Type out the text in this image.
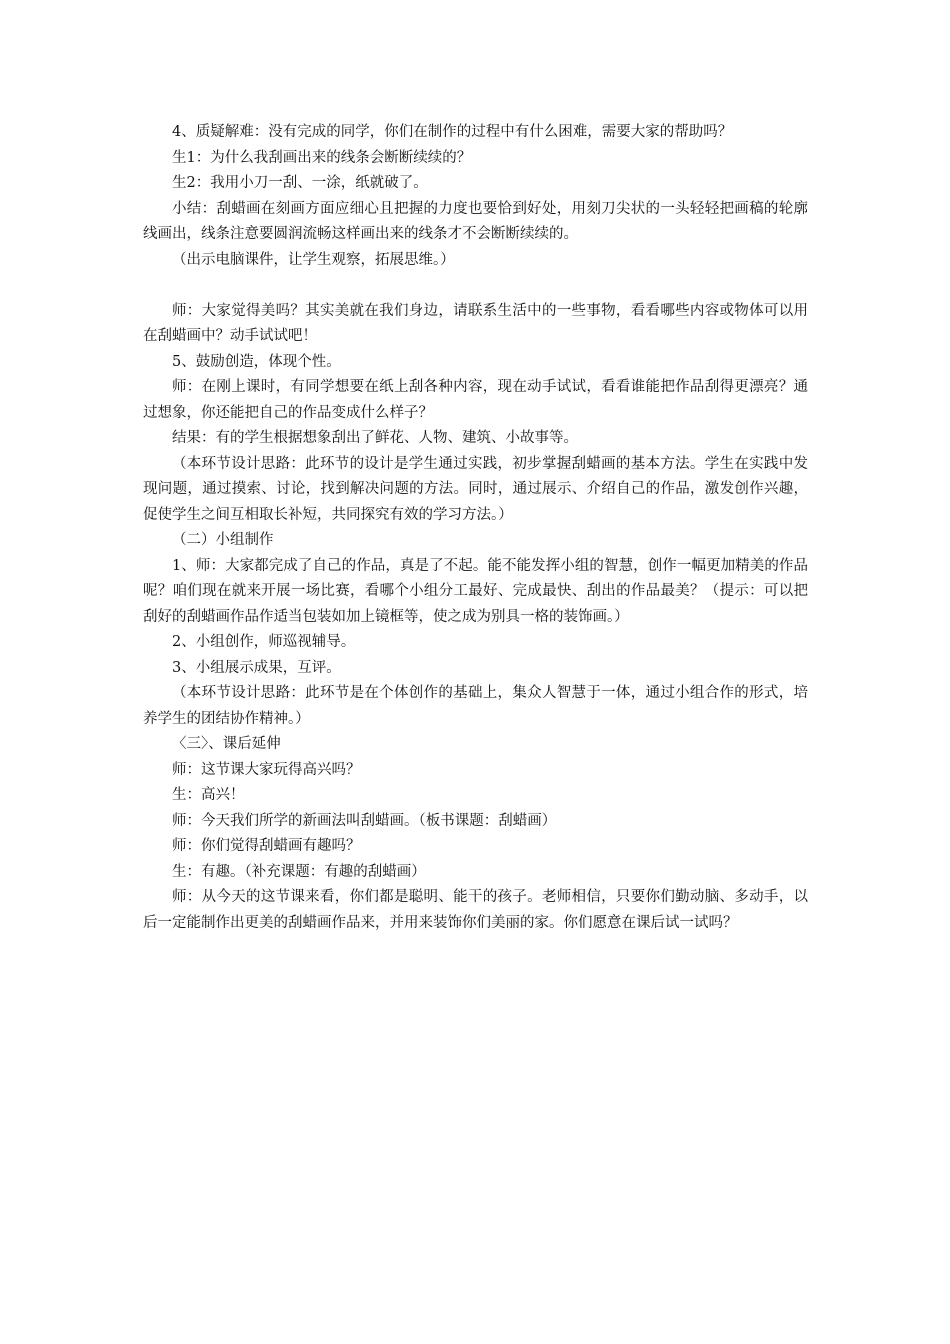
4、质疑解难：没有完成的同学，你们在制作的过程中有什么困难，需要大家的帮助吗？

生1：为什么我刮画出来的线条会断断续续的？

生2：我用小刀一刮、一涂，纸就破了。

小结：刮蜡画在刻画方面应细心且把握的力度也要恰到好处，用刻刀尖状的一头轻轻把画稿的轮廓线画出，线条注意要圆润流畅这样画出来的线条才不会断断续续的。

（出示电脑课件，让学生观察，拓展思维。）

师：大家觉得美吗？其实美就在我们身边，请联系生活中的一些事物，看看哪些内容或物体可以用在刮蜡画中？动手试试吧！

5、鼓励创造，体现个性。

师：在刚上课时，有同学想要在纸上刮各种内容，现在动手试试，看看谁能把作品刮得更漂亮？通过想象，你还能把自己的作品变成什么样子？

结果：有的学生根据想象刮出了鲜花、人物、建筑、小故事等。

（本环节设计思路：此环节的设计是学生通过实践，初步掌握刮蜡画的基本方法。学生在实践中发现问题，通过摸索、讨论，找到解决问题的方法。同时，通过展示、介绍自己的作品，激发创作兴趣，促使学生之间互相取长补短，共同探究有效的学习方法。）

（二）小组制作

1、师：大家都完成了自己的作品，真是了不起。能不能发挥小组的智慧，创作一幅更加精美的作品呢？咱们现在就来开展一场比赛，看哪个小组分工最好、完成最快、刮出的作品最美？（提示：可以把刮好的刮蜡画作品作适当包装如加上镜框等，使之成为别具一格的装饰画。）

2、小组创作，师巡视辅导。

3、小组展示成果，互评。

（本环节设计思路：此环节是在个体创作的基础上，集众人智慧于一体，通过小组合作的形式，培养学生的团结协作精神。）

〈三〉、课后延伸

师：这节课大家玩得高兴吗？

生：高兴！

师：今天我们所学的新画法叫刮蜡画。（板书课题：刮蜡画）

师：你们觉得刮蜡画有趣吗？

生：有趣。（补充课题：有趣的刮蜡画）

师：从今天的这节课来看，你们都是聪明、能干的孩子。老师相信，只要你们勤动脑、多动手，以后一定能制作出更美的刮蜡画作品来，并用来装饰你们美丽的家。你们愿意在课后试一试吗？
